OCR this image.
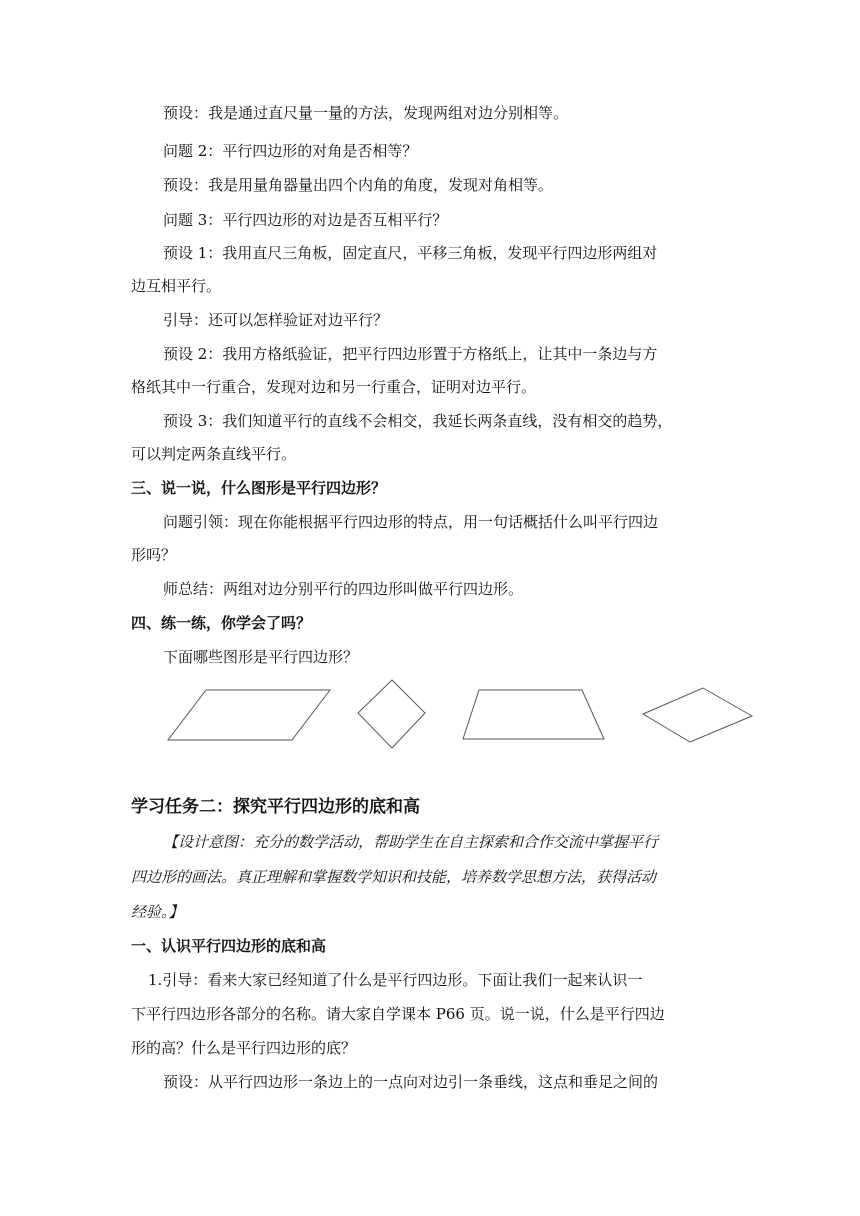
预设：我是通过直尺量一量的方法，发现两组对边分别相等。

问题 2：平行四边形的对角是否相等？

预设：我是用量角器量出四个内角的角度，发现对角相等。

问题 3：平行四边形的对边是否互相平行？

预设 1：我用直尺三角板，固定直尺，平移三角板，发现平行四边形两组对

边互相平行。

引导：还可以怎样验证对边平行？

预设 2：我用方格纸验证，把平行四边形置于方格纸上，让其中一条边与方

格纸其中一行重合，发现对边和另一行重合，证明对边平行。

预设 3：我们知道平行的直线不会相交，我延长两条直线，没有相交的趋势，

可以判定两条直线平行。

三、说一说，什么图形是平行四边形？

问题引领：现在你能根据平行四边形的特点，用一句话概括什么叫平行四边

形吗？

师总结：两组对边分别平行的四边形叫做平行四边形。

四、练一练，你学会了吗？

下面哪些图形是平行四边形？

学习任务二：探究平行四边形的底和高

【设计意图：充分的数学活动，帮助学生在自主探索和合作交流中掌握平行

四边形的画法。真正理解和掌握数学知识和技能，培养数学思想方法，获得活动

经验。】

一、认识平行四边形的底和高

1.引导：看来大家已经知道了什么是平行四边形。下面让我们一起来认识一

下平行四边形各部分的名称。请大家自学课本 P66 页。说一说，什么是平行四边

形的高？什么是平行四边形的底？

预设：从平行四边形一条边上的一点向对边引一条垂线，这点和垂足之间的
